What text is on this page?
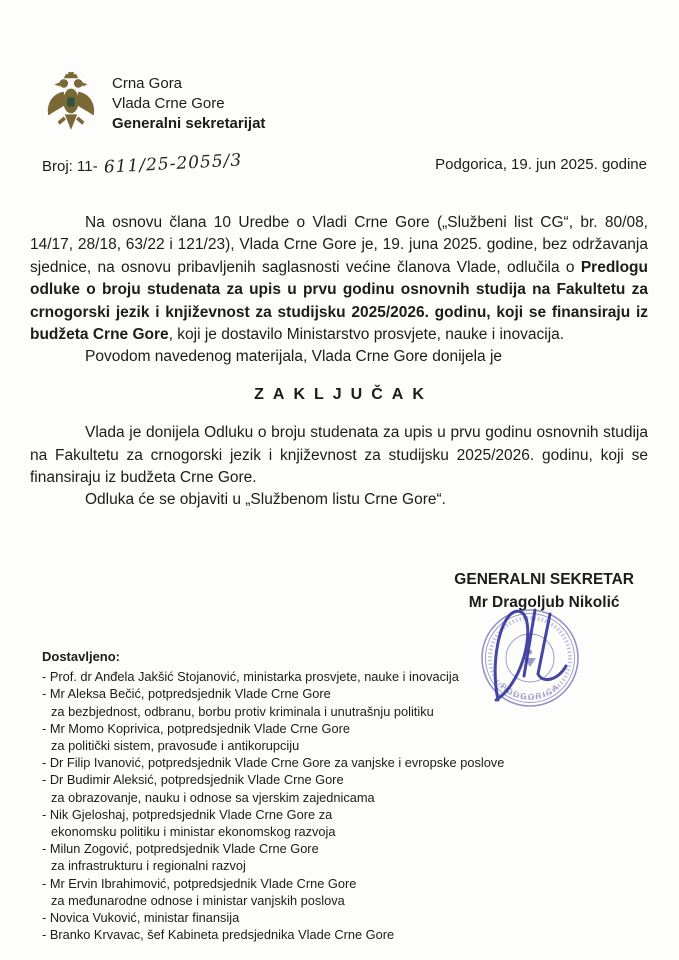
Crna Gora
Vlada Crne Gore
Generalni sekretarijat
Broj: 11- 611/25-2055/3	Podgorica, 19. jun 2025. godine

Na osnovu člana 10 Uredbe o Vladi Crne Gore („Službeni list CG“, br. 80/08, 14/17, 28/18, 63/22 i 121/23), Vlada Crne Gore je, 19. juna 2025. godine, bez održavanja sjednice, na osnovu pribavljenih saglasnosti većine članova Vlade, odlučila o Predlogu odluke o broju studenata za upis u prvu godinu osnovnih studija na Fakultetu za crnogorski jezik i književnost za studijsku 2025/2026. godinu, koji se finansiraju iz budžeta Crne Gore, koji je dostavilo Ministarstvo prosvjete, nauke i inovacija.

Povodom navedenog materijala, Vlada Crne Gore donijela je

ZAKLJUČAK

Vlada je donijela Odluku o broju studenata za upis u prvu godinu osnovnih studija na Fakultetu za crnogorski jezik i književnost za studijsku 2025/2026. godinu, koji se finansiraju iz budžeta Crne Gore.

Odluka će se objaviti u „Službenom listu Crne Gore“.

GENERALNI SEKRETAR
Mr Dragoljub Nikolić
PODGORICA
Dostavljeno:
- Prof. dr Anđela Jakšić Stojanović, ministarka prosvjete, nauke i inovacija
- Mr Aleksa Bečić, potpredsjednik Vlade Crne Gore
za bezbjednost, odbranu, borbu protiv kriminala i unutrašnju politiku
- Mr Momo Koprivica, potpredsjednik Vlade Crne Gore
za politički sistem, pravosuđe i antikorupciju
- Dr Filip Ivanović, potpredsjednik Vlade Crne Gore za vanjske i evropske poslove
- Dr Budimir Aleksić, potpredsjednik Vlade Crne Gore
za obrazovanje, nauku i odnose sa vjerskim zajednicama
- Nik Gjeloshaj, potpredsjednik Vlade Crne Gore za
ekonomsku politiku i ministar ekonomskog razvoja
- Milun Zogović, potpredsjednik Vlade Crne Gore
za infrastrukturu i regionalni razvoj
- Mr Ervin Ibrahimović, potpredsjednik Vlade Crne Gore
za međunarodne odnose i ministar vanjskih poslova
- Novica Vuković, ministar finansija
- Branko Krvavac, šef Kabineta predsjednika Vlade Crne Gore
